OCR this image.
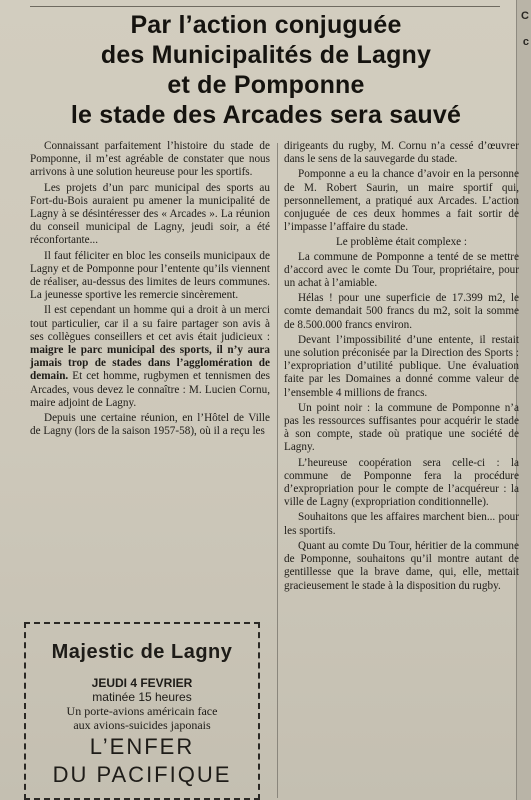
C
c
Par l’action conjuguée
des Municipalités de Lagny
et de Pomponne
le stade des Arcades sera sauvé

Connaissant parfaitement l’histoire du stade de Pomponne, il m’est agréable de constater que nous arrivons à une solution heureuse pour les sportifs.

Les projets d’un parc municipal des sports au Fort-du-Bois auraient pu amener la municipalité de Lagny à se désintéresser des « Arcades ». La réunion du conseil municipal de Lagny, jeudi soir, a été réconfortante...

Il faut féliciter en bloc les conseils municipaux de Lagny et de Pomponne pour l’entente qu’ils viennent de réaliser, au-dessus des limites de leurs communes. La jeunesse sportive les remercie sincèrement.

Il est cependant un homme qui a droit à un merci tout particulier, car il a su faire partager son avis à ses collègues conseillers et cet avis était judicieux : maigre le parc municipal des sports, il n’y aura jamais trop de stades dans l’agglomération de demain. Et cet homme, rugbymen et tennismen des Arcades, vous devez le connaître : M. Lucien Cornu, maire adjoint de Lagny.

Depuis une certaine réunion, en l’Hôtel de Ville de Lagny (lors de la saison 1957-58), où il a reçu les

dirigeants du rugby, M. Cornu n’a cessé d’œuvrer dans le sens de la sauvegarde du stade.

Pomponne a eu la chance d’avoir en la personne de M. Robert Saurin, un maire sportif qui, personnellement, a pratiqué aux Arcades. L’action conjuguée de ces deux hommes a fait sortir de l’impasse l’affaire du stade.

Le problème était complexe :

La commune de Pomponne a tenté de se mettre d’accord avec le comte Du Tour, propriétaire, pour un achat à l’amiable.

Hélas ! pour une superficie de 17.399 m2, le comte demandait 500 francs du m2, soit la somme de 8.500.000 francs environ.

Devant l’impossibilité d’une entente, il restait une solution préconisée par la Direction des Sports : l’expropriation d’utilité publique. Une évaluation faite par les Domaines a donné comme valeur de l’ensemble 4 millions de francs.

Un point noir : la commune de Pomponne n’a pas les ressources suffisantes pour acquérir le stade à son compte, stade où pratique une société de Lagny.

L’heureuse coopération sera celle-ci : la commune de Pomponne fera la procédure d’expropriation pour le compte de l’acquéreur : la ville de Lagny (expropriation conditionnelle).

Souhaitons que les affaires marchent bien... pour les sportifs.

Quant au comte Du Tour, héritier de la commune de Pomponne, souhaitons qu’il montre autant de gentillesse que la brave dame, qui, elle, mettait gracieusement le stade à la disposition du rugby.

Majestic de Lagny
JEUDI 4 FEVRIER
matinée 15 heures
Un porte-avions américain face
aux avions-suicides japonais
L’ENFER
DU PACIFIQUE
